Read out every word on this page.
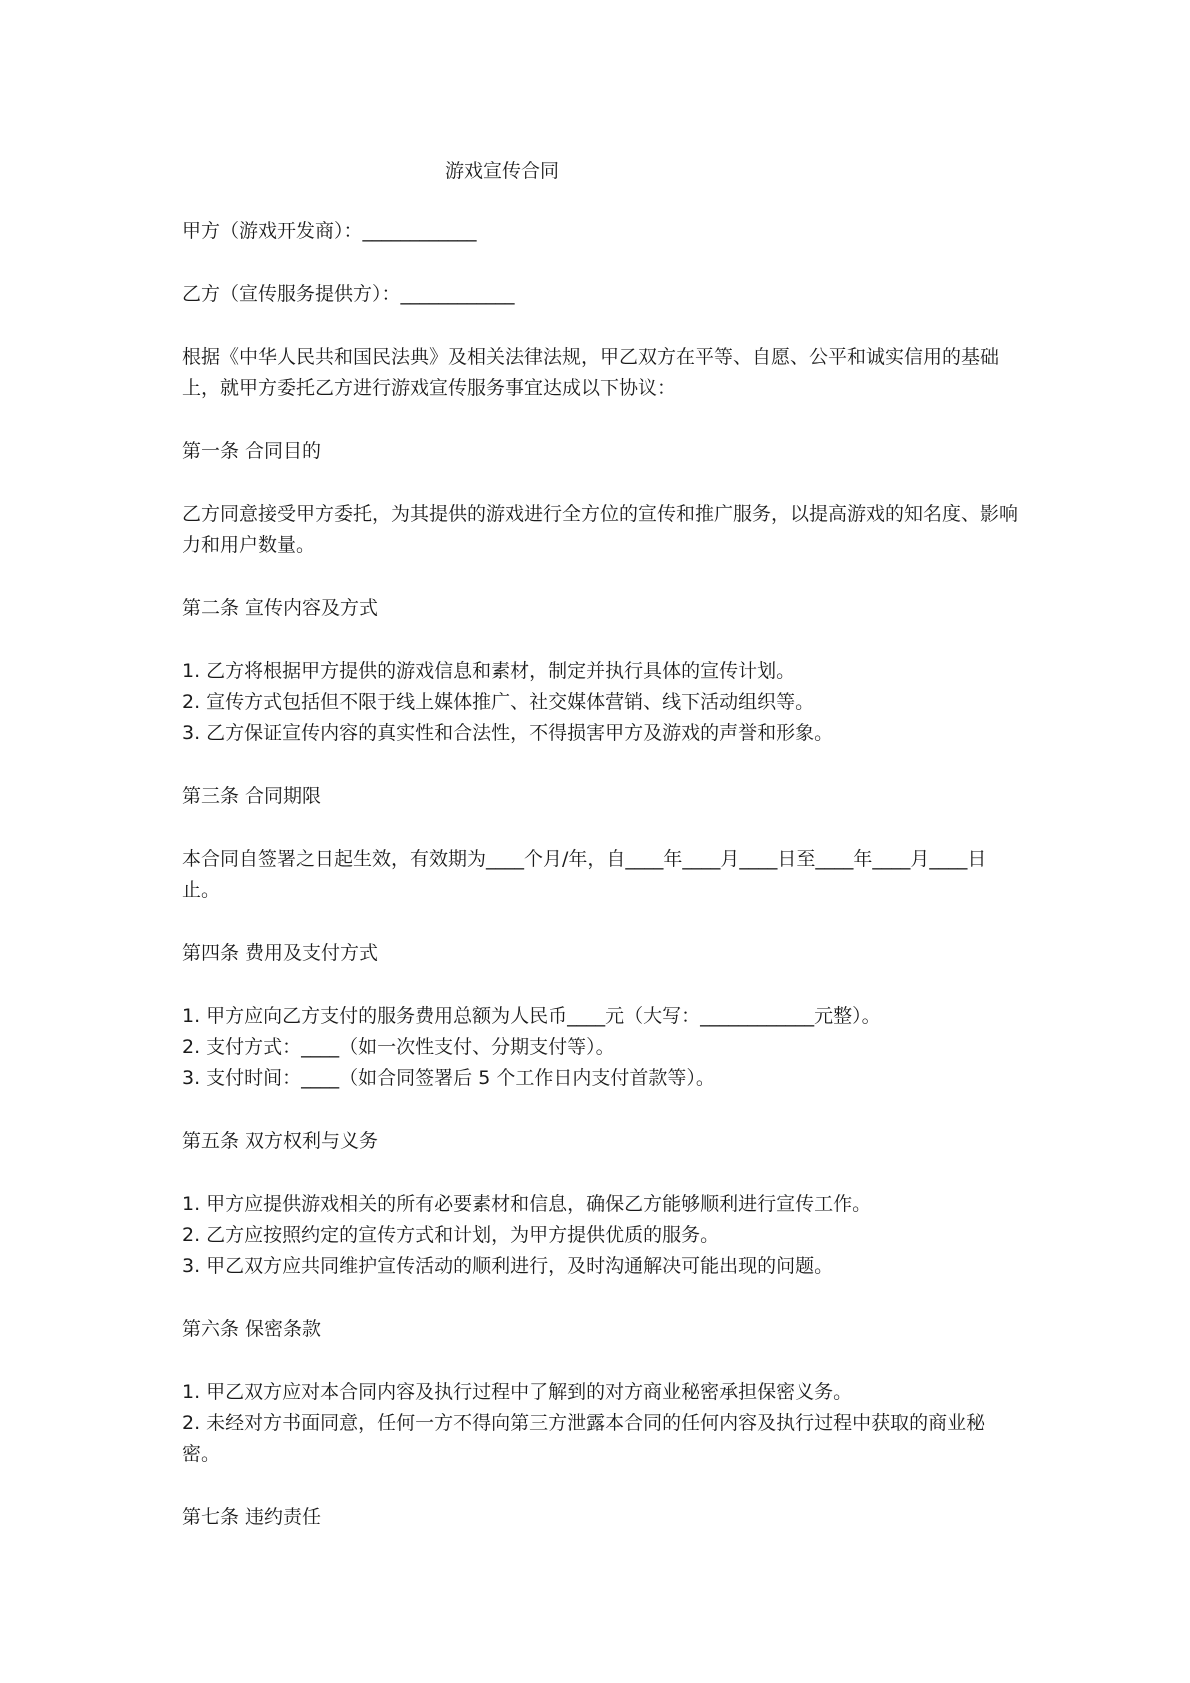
游戏宣传合同
甲方（游戏开发商）：____________
乙方（宣传服务提供方）：____________
根据《中华人民共和国民法典》及相关法律法规，甲乙双方在平等、自愿、公平和诚实信用的基础上，就甲方委托乙方进行游戏宣传服务事宜达成以下协议：
第一条 合同目的
乙方同意接受甲方委托，为其提供的游戏进行全方位的宣传和推广服务，以提高游戏的知名度、影响力和用户数量。
第二条 宣传内容及方式
1. 乙方将根据甲方提供的游戏信息和素材，制定并执行具体的宣传计划。
2. 宣传方式包括但不限于线上媒体推广、社交媒体营销、线下活动组织等。
3. 乙方保证宣传内容的真实性和合法性，不得损害甲方及游戏的声誉和形象。
第三条 合同期限
本合同自签署之日起生效，有效期为____个月/年，自____年____月____日至____年____月____日止。
第四条 费用及支付方式
1. 甲方应向乙方支付的服务费用总额为人民币____元（大写：____________元整）。
2. 支付方式：____（如一次性支付、分期支付等）。
3. 支付时间：____（如合同签署后 5 个工作日内支付首款等）。
第五条 双方权利与义务
1. 甲方应提供游戏相关的所有必要素材和信息，确保乙方能够顺利进行宣传工作。
2. 乙方应按照约定的宣传方式和计划，为甲方提供优质的服务。
3. 甲乙双方应共同维护宣传活动的顺利进行，及时沟通解决可能出现的问题。
第六条 保密条款
1. 甲乙双方应对本合同内容及执行过程中了解到的对方商业秘密承担保密义务。
2. 未经对方书面同意，任何一方不得向第三方泄露本合同的任何内容及执行过程中获取的商业秘密。
第七条 违约责任
